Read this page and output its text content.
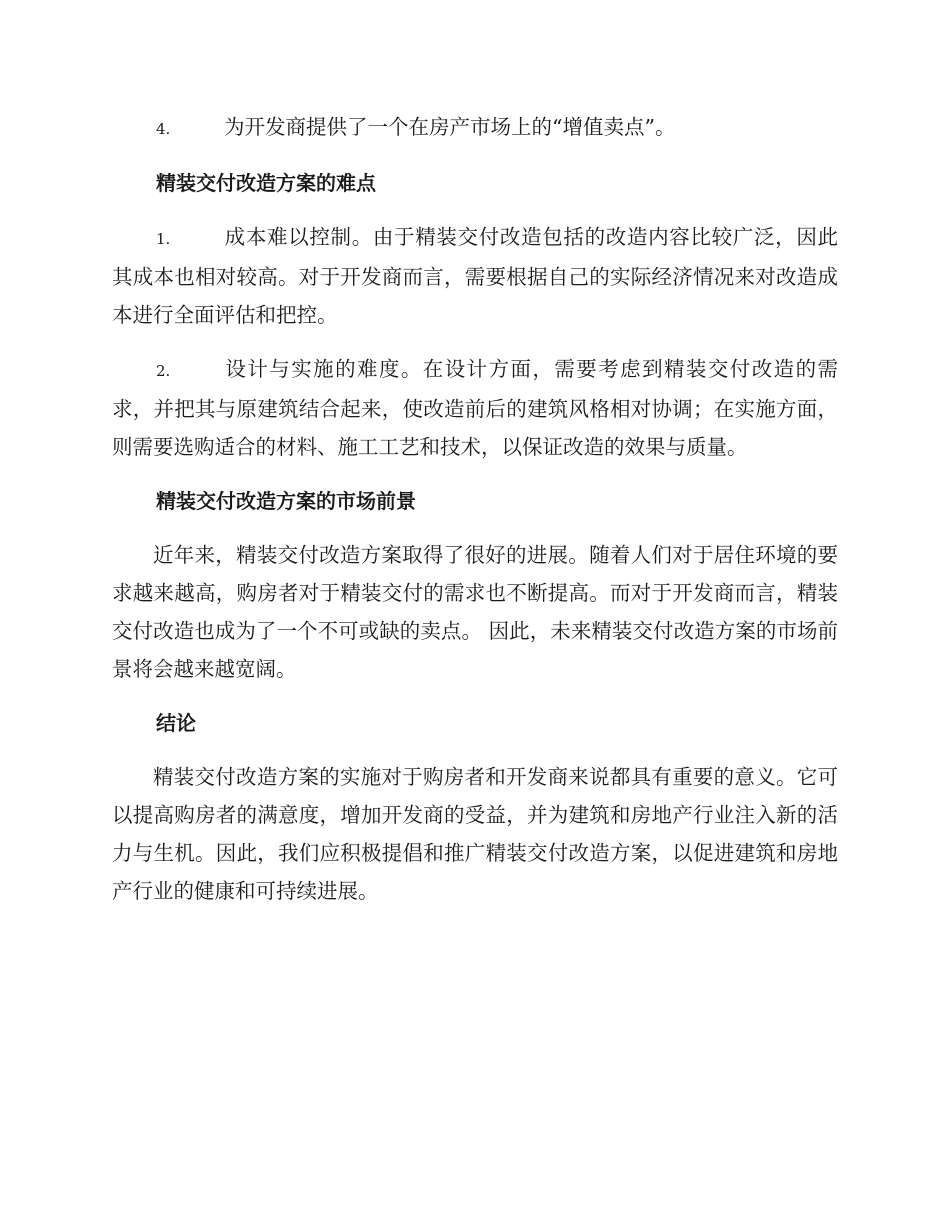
4.	为开发商提供了一个在房产市场上的“增值卖点”。

精装交付改造方案的难点

1.	成本难以控制。由于精装交付改造包括的改造内容比较广泛，因此其成本也相对较高。对于开发商而言，需要根据自己的实际经济情况来对改造成本进行全面评估和把控。

2.	设计与实施的难度。在设计方面，需要考虑到精装交付改造的需求，并把其与原建筑结合起来，使改造前后的建筑风格相对协调；在实施方面，则需要选购适合的材料、施工工艺和技术，以保证改造的效果与质量。

精装交付改造方案的市场前景

近年来，精装交付改造方案取得了很好的进展。随着人们对于居住环境的要求越来越高，购房者对于精装交付的需求也不断提高。而对于开发商而言，精装交付改造也成为了一个不可或缺的卖点。 因此，未来精装交付改造方案的市场前景将会越来越宽阔。

结论

精装交付改造方案的实施对于购房者和开发商来说都具有重要的意义。它可以提高购房者的满意度，增加开发商的受益，并为建筑和房地产行业注入新的活力与生机。因此，我们应积极提倡和推广精装交付改造方案，以促进建筑和房地产行业的健康和可持续进展。
